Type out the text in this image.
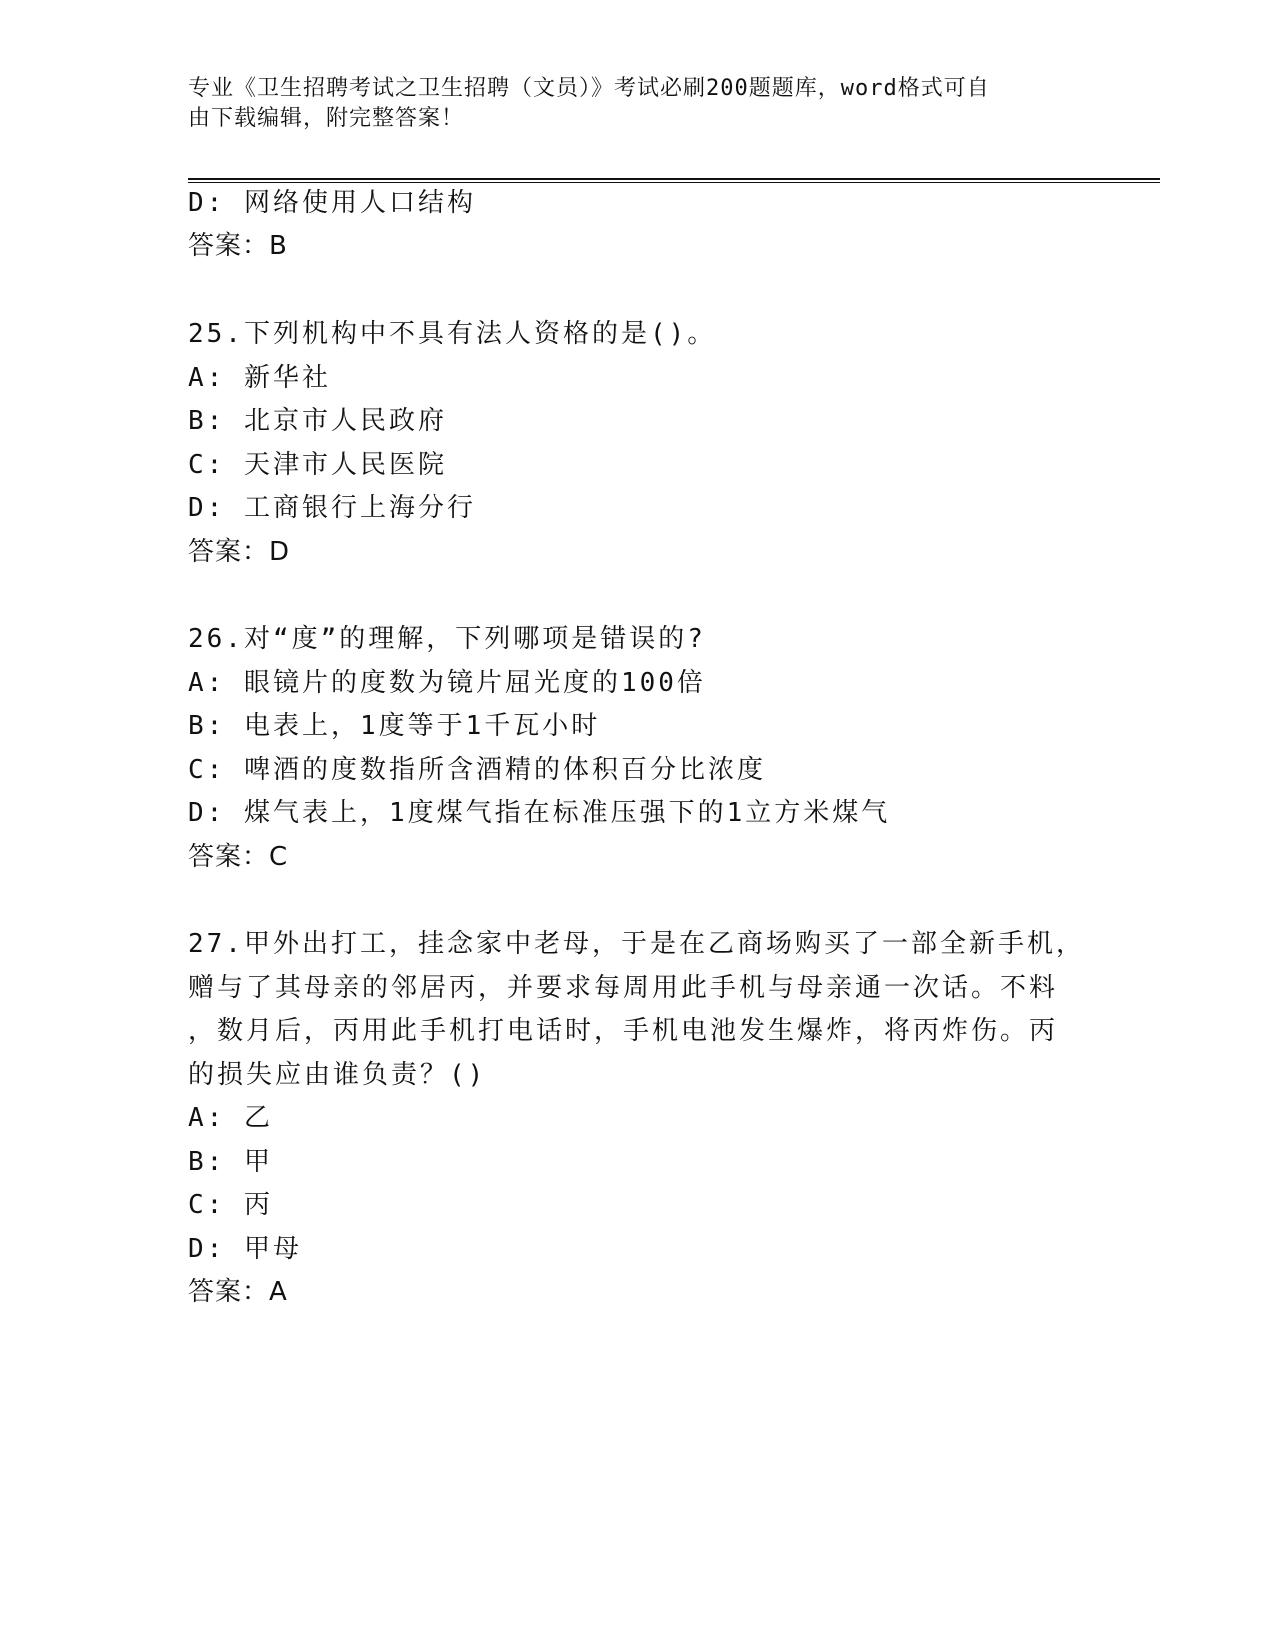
专业《卫生招聘考试之卫生招聘（文员）》考试必刷200题题库，word格式可自
由下载编辑，附完整答案！
D: 网络使用人口结构
答案：B
25.下列机构中不具有法人资格的是()。
A: 新华社
B: 北京市人民政府
C: 天津市人民医院
D: 工商银行上海分行
答案：D
26.对“度”的理解，下列哪项是错误的?
A: 眼镜片的度数为镜片屈光度的100倍
B: 电表上，1度等于1千瓦小时
C: 啤酒的度数指所含酒精的体积百分比浓度
D: 煤气表上，1度煤气指在标准压强下的1立方米煤气
答案：C
27.甲外出打工，挂念家中老母，于是在乙商场购买了一部全新手机，
赠与了其母亲的邻居丙，并要求每周用此手机与母亲通一次话。不料
，数月后，丙用此手机打电话时，手机电池发生爆炸，将丙炸伤。丙
的损失应由谁负责？()
A: 乙
B: 甲
C: 丙
D: 甲母
答案：A
